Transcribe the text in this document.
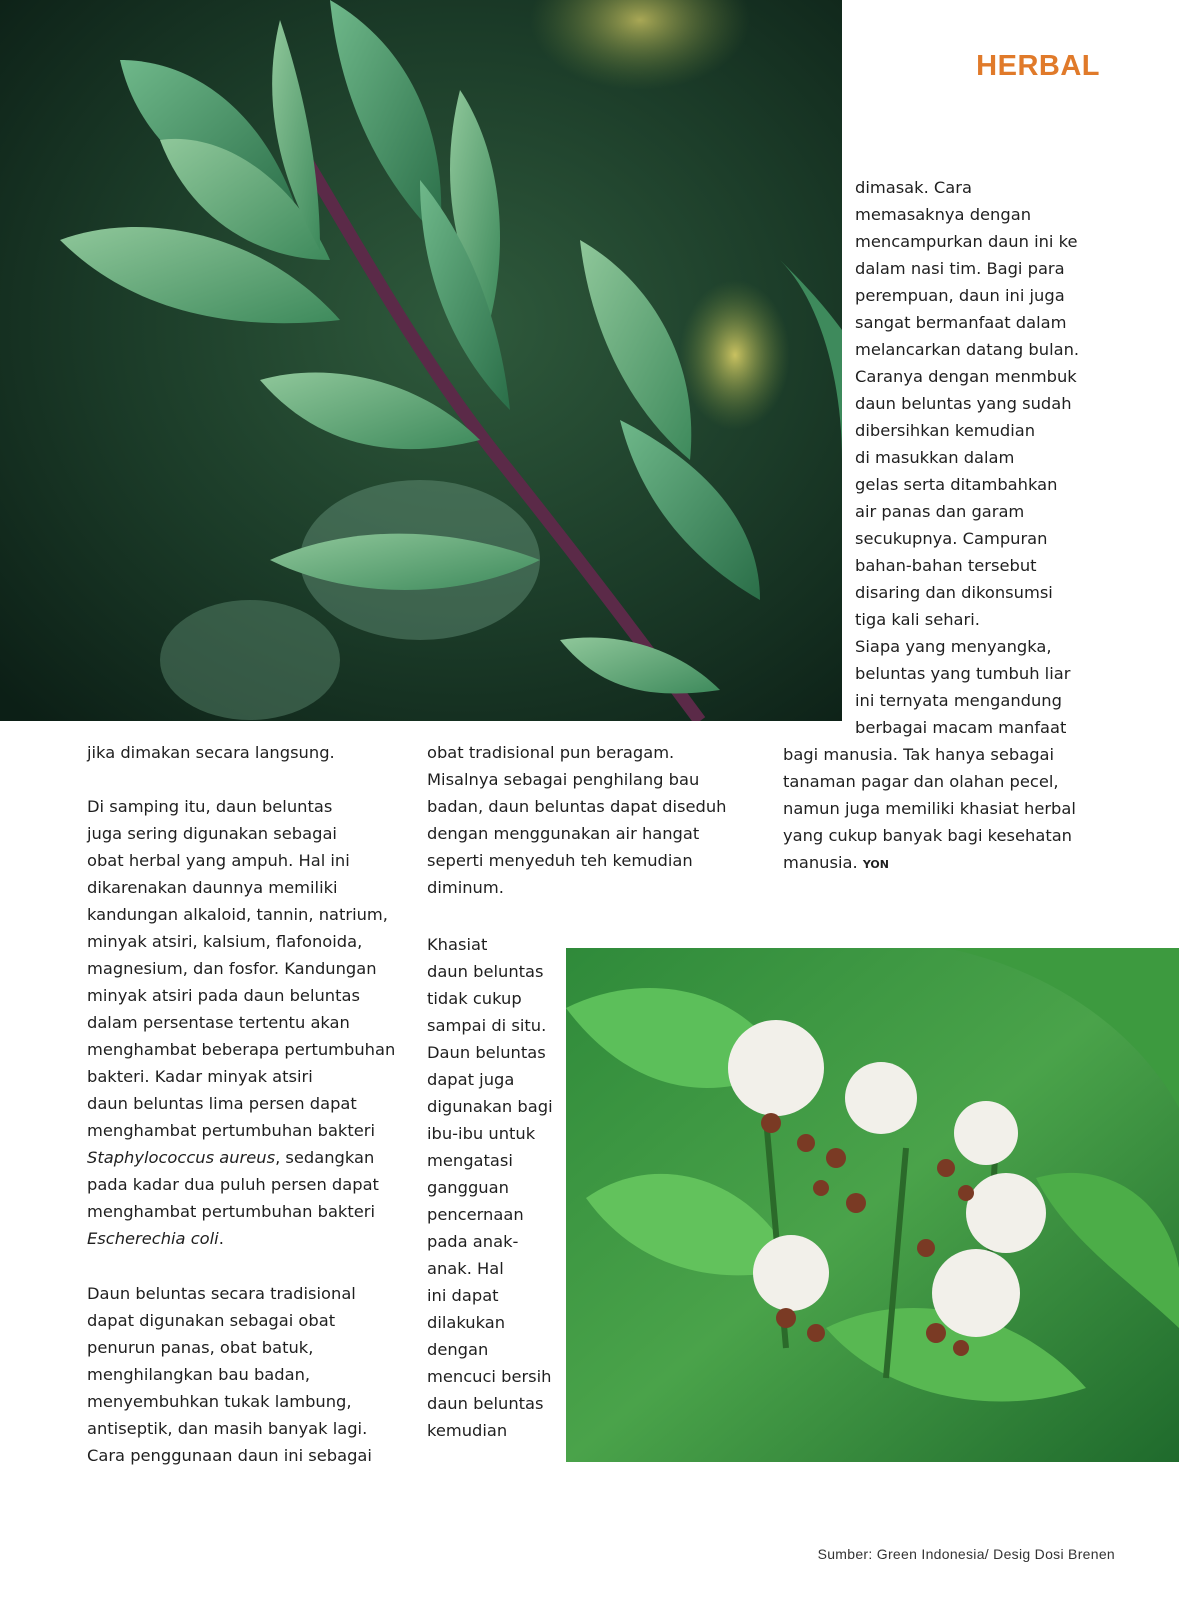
HERBAL
dimasak. Cara
memasaknya dengan
mencampurkan daun ini ke
dalam nasi tim. Bagi para
perempuan, daun ini juga
sangat bermanfaat dalam
melancarkan datang bulan.
Caranya dengan menmbuk
daun beluntas yang sudah
dibersihkan kemudian
di masukkan dalam
gelas serta ditambahkan
air panas dan garam
secukupnya. Campuran
bahan-bahan tersebut
disaring dan dikonsumsi
tiga kali sehari.
Siapa yang menyangka,
beluntas yang tumbuh liar
ini ternyata mengandung
berbagai macam manfaat
bagi manusia. Tak hanya sebagai
tanaman pagar dan olahan pecel,
namun juga memiliki khasiat herbal
yang cukup banyak bagi kesehatan
manusia. YON
jika dimakan secara langsung.
Di samping itu, daun beluntas
juga sering digunakan sebagai
obat herbal yang ampuh. Hal ini
dikarenakan daunnya memiliki
kandungan alkaloid, tannin, natrium,
minyak atsiri, kalsium, flafonoida,
magnesium, dan fosfor. Kandungan
minyak atsiri pada daun beluntas
dalam persentase tertentu akan
menghambat beberapa pertumbuhan
bakteri. Kadar minyak atsiri
daun beluntas lima persen dapat
menghambat pertumbuhan bakteri
Staphylococcus aureus, sedangkan
pada kadar dua puluh persen dapat
menghambat pertumbuhan bakteri
Escherechia coli.
Daun beluntas secara tradisional
dapat digunakan sebagai obat
penurun panas, obat batuk,
menghilangkan bau badan,
menyembuhkan tukak lambung,
antiseptik, dan masih banyak lagi.
Cara penggunaan daun ini sebagai
obat tradisional pun beragam.
Misalnya sebagai penghilang bau
badan, daun beluntas dapat diseduh
dengan menggunakan air hangat
seperti menyeduh teh kemudian
diminum.
Khasiat
daun beluntas
tidak cukup
sampai di situ.
Daun beluntas
dapat juga
digunakan bagi
ibu-ibu untuk
mengatasi
gangguan
pencernaan
pada anak-
anak. Hal
ini dapat
dilakukan
dengan
mencuci bersih
daun beluntas
kemudian
Sumber: Green Indonesia/ Desig Dosi Brenen
